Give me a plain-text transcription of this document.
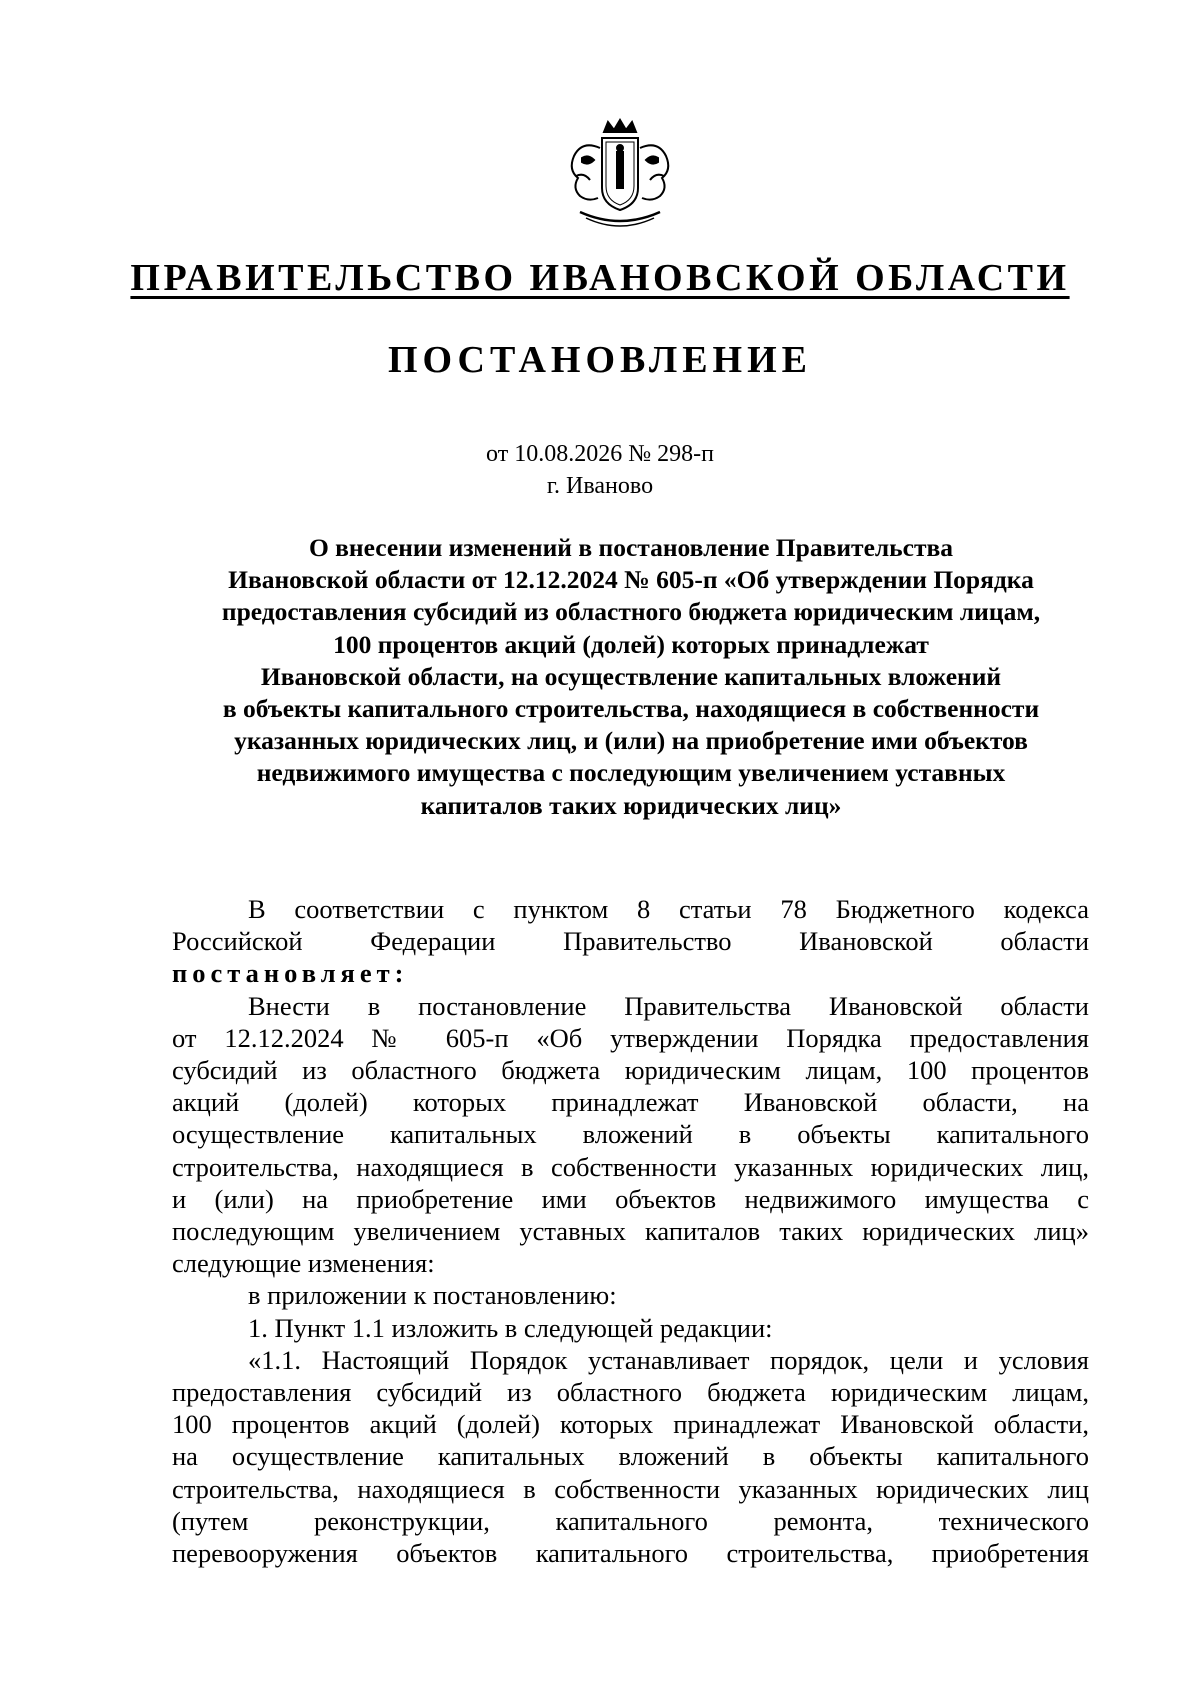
ПРАВИТЕЛЬСТВО ИВАНОВСКОЙ ОБЛАСТИ
ПОСТАНОВЛЕНИЕ
от 10.08.2026 № 298-п
г. Иваново
О внесении изменений в постановление Правительства
Ивановской области от 12.12.2024 № 605-п «Об утверждении Порядка
предоставления субсидий из областного бюджета юридическим лицам,
100 процентов акций (долей) которых принадлежат
Ивановской области, на осуществление капитальных вложений
в объекты капитального строительства, находящиеся в собственности
указанных юридических лиц, и (или) на приобретение ими объектов
недвижимого имущества с последующим увеличением уставных
капиталов таких юридических лиц»
В соответствии с пунктом 8 статьи 78 Бюджетного кодекса
Российской Федерации Правительство Ивановской области
постановляет:
Внести в постановление Правительства Ивановской области
от 12.12.2024 № 605-п «Об утверждении Порядка предоставления
субсидий из областного бюджета юридическим лицам, 100 процентов
акций (долей) которых принадлежат Ивановской области, на
осуществление капитальных вложений в объекты капитального
строительства, находящиеся в собственности указанных юридических лиц,
и (или) на приобретение ими объектов недвижимого имущества с
последующим увеличением уставных капиталов таких юридических лиц»
следующие изменения:
в приложении к постановлению:
1. Пункт 1.1 изложить в следующей редакции:
«1.1. Настоящий Порядок устанавливает порядок, цели и условия
предоставления субсидий из областного бюджета юридическим лицам,
100 процентов акций (долей) которых принадлежат Ивановской области,
на осуществление капитальных вложений в объекты капитального
строительства, находящиеся в собственности указанных юридических лиц
(путем реконструкции, капитального ремонта, технического
перевооружения объектов капитального строительства, приобретения
